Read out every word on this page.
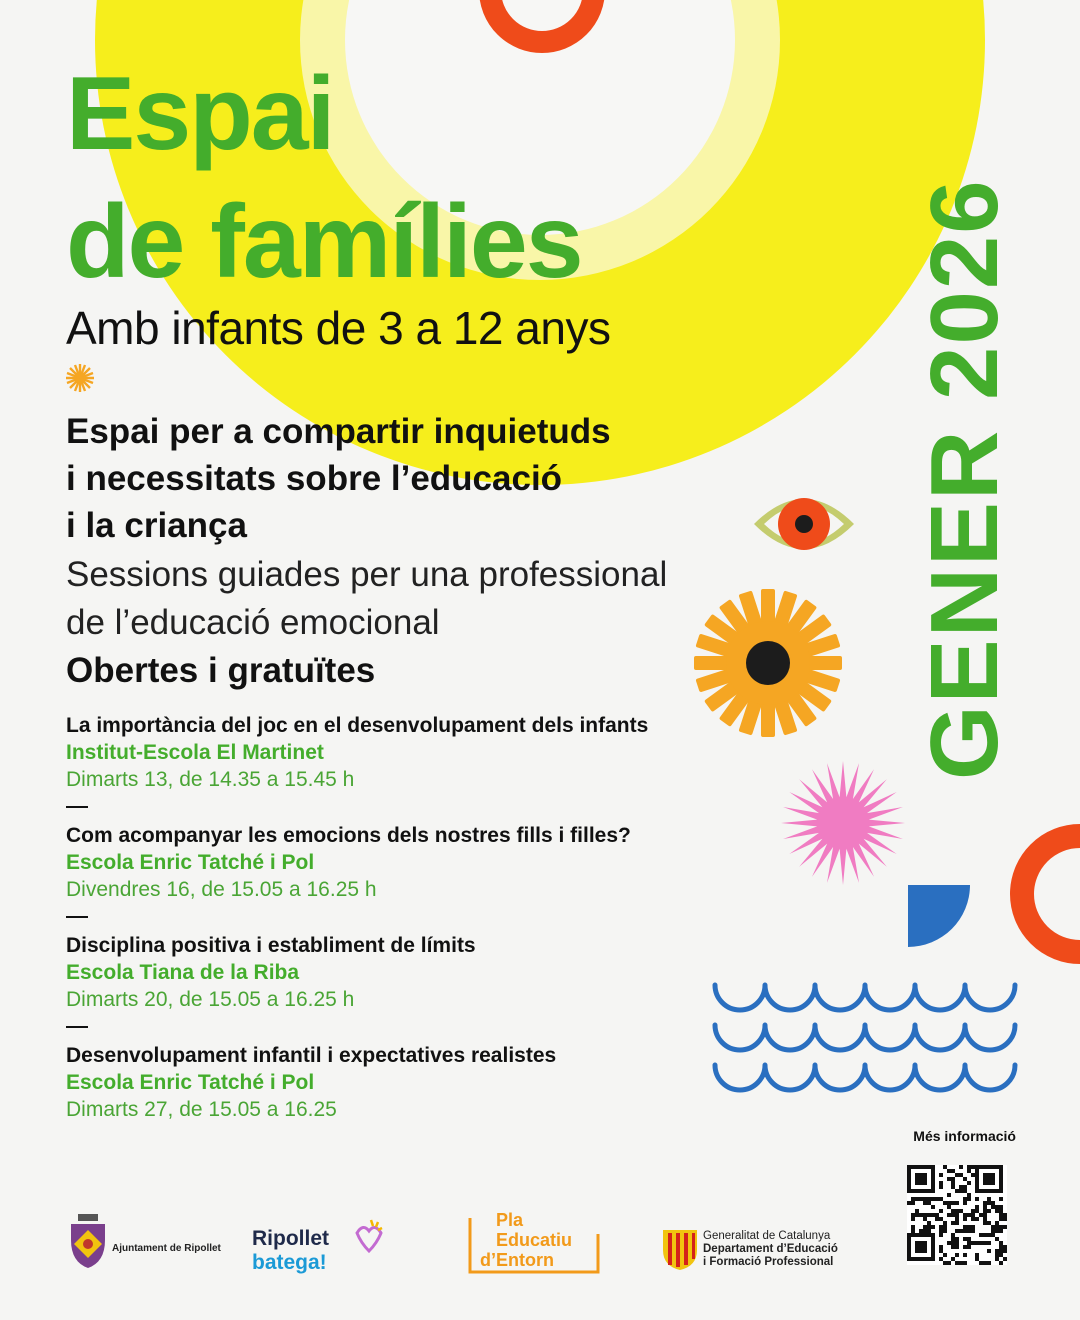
Espai
de famílies
Amb infants de 3 a 12 anys
Espai per a compartir inquietuds
i necessitats sobre l’educació
i la criança
Sessions guiades per una professional
de l’educació emocional
Obertes i gratuïtes
La importància del joc en el desenvolupament dels infants
Institut-Escola El Martinet
Dimarts 13, de 14.35 a 15.45 h
Com acompanyar les emocions dels nostres fills i filles?
Escola Enric Tatché i Pol
Divendres 16, de 15.05 a 16.25 h
Disciplina positiva i establiment de límits
Escola Tiana de la Riba
Dimarts 20, de 15.05 a 16.25 h
Desenvolupament infantil i expectatives realistes
Escola Enric Tatché i Pol
Dimarts 27, de 15.05 a 16.25
GENER 2026
Més informació
Ajuntament de Ripollet Ripollet
batega!
Pla
Educatiu
d’Entorn
Generalitat de Catalunya
Departament d’Educació
i Formació Professional
